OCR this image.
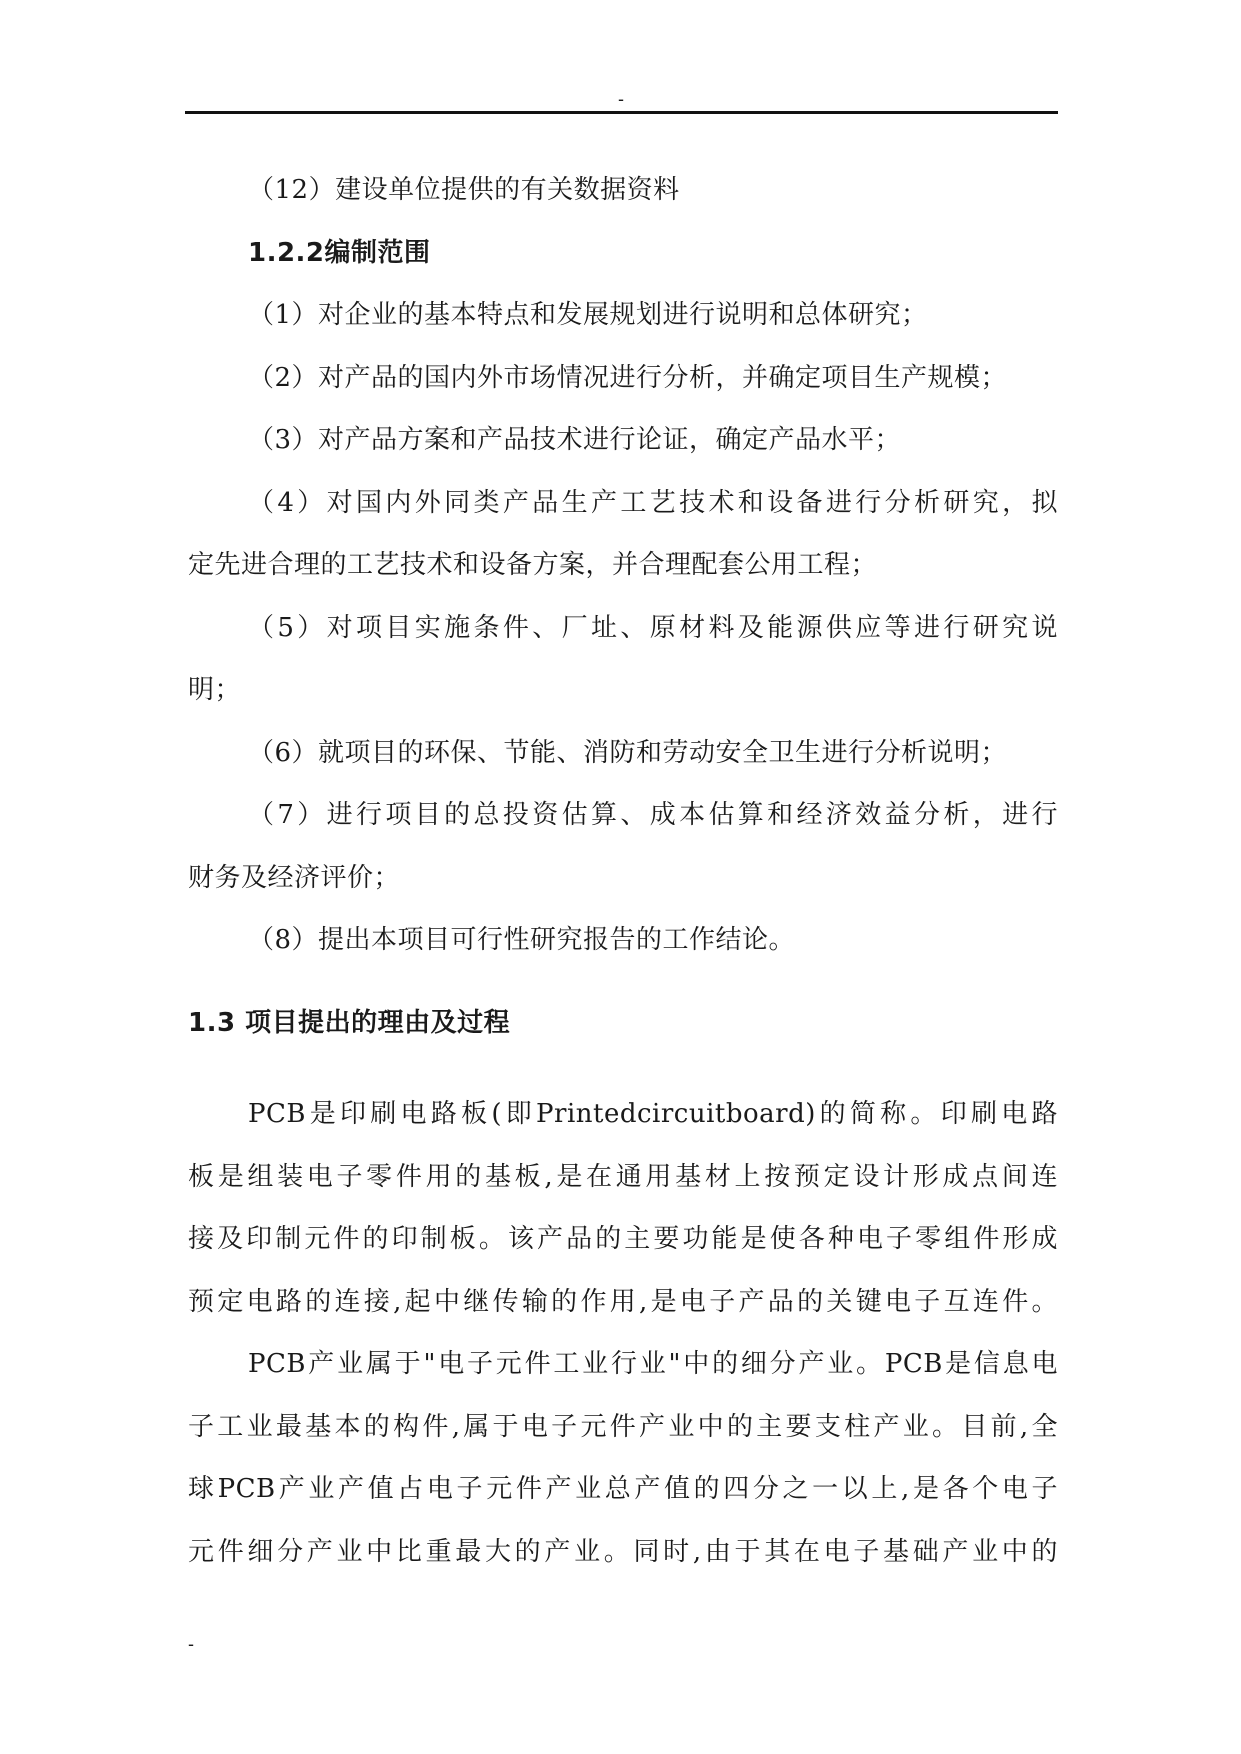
-
（12）建设单位提供的有关数据资料
1.2.2编制范围
（1）对企业的基本特点和发展规划进行说明和总体研究；
（2）对产品的国内外市场情况进行分析，并确定项目生产规模；
（3）对产品方案和产品技术进行论证，确定产品水平；
（4）对国内外同类产品生产工艺技术和设备进行分析研究，拟
定先进合理的工艺技术和设备方案，并合理配套公用工程；
（5）对项目实施条件、厂址、原材料及能源供应等进行研究说
明；
（6）就项目的环保、节能、消防和劳动安全卫生进行分析说明；
（7）进行项目的总投资估算、成本估算和经济效益分析，进行
财务及经济评价；
（8）提出本项目可行性研究报告的工作结论。
1.3 项目提出的理由及过程
PCB是印刷电路板(即Printedcircuitboard)的简称。印刷电路
板是组装电子零件用的基板,是在通用基材上按预定设计形成点间连
接及印制元件的印制板。该产品的主要功能是使各种电子零组件形成
预定电路的连接,起中继传输的作用,是电子产品的关键电子互连件。
PCB产业属于"电子元件工业行业"中的细分产业。PCB是信息电
子工业最基本的构件,属于电子元件产业中的主要支柱产业。目前,全
球PCB产业产值占电子元件产业总产值的四分之一以上,是各个电子
元件细分产业中比重最大的产业。同时,由于其在电子基础产业中的
-
